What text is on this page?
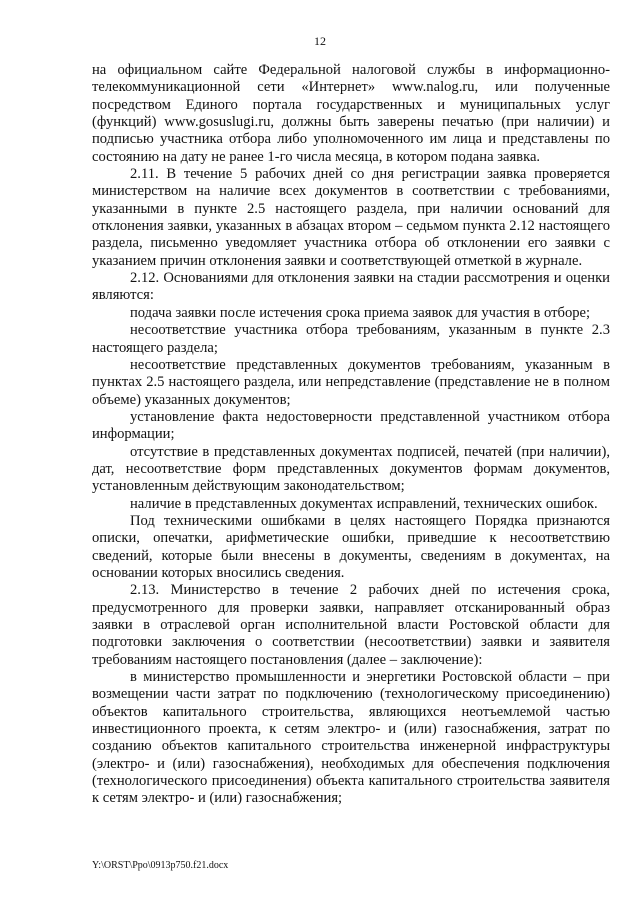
12

на официальном сайте Федеральной налоговой службы в информационно-телекоммуникационной сети «Интернет» www.nalog.ru, или полученные посредством Единого портала государственных и муниципальных услуг (функций) www.gosuslugi.ru, должны быть заверены печатью (при наличии) и подписью участника отбора либо уполномоченного им лица и представлены по состоянию на дату не ранее 1-го числа месяца, в котором подана заявка.

2.11. В течение 5 рабочих дней со дня регистрации заявка проверяется министерством на наличие всех документов в соответствии с требованиями, указанными в пункте 2.5 настоящего раздела, при наличии оснований для отклонения заявки, указанных в абзацах втором – седьмом пункта 2.12 настоящего раздела, письменно уведомляет участника отбора об отклонении его заявки с указанием причин отклонения заявки и соответствующей отметкой в журнале.

2.12. Основаниями для отклонения заявки на стадии рассмотрения и оценки являются:

подача заявки после истечения срока приема заявок для участия в отборе;

несоответствие участника отбора требованиям, указанным в пункте 2.3 настоящего раздела;

несоответствие представленных документов требованиям, указанным в пунктах 2.5 настоящего раздела, или непредставление (представление не в полном объеме) указанных документов;

установление факта недостоверности представленной участником отбора информации;

отсутствие в представленных документах подписей, печатей (при наличии), дат, несоответствие форм представленных документов формам документов, установленным действующим законодательством;

наличие в представленных документах исправлений, технических ошибок.

Под техническими ошибками в целях настоящего Порядка признаются описки, опечатки, арифметические ошибки, приведшие к несоответствию сведений, которые были внесены в документы, сведениям в документах, на основании которых вносились сведения.

2.13. Министерство в течение 2 рабочих дней по истечения срока, предусмотренного для проверки заявки, направляет отсканированный образ заявки в отраслевой орган исполнительной власти Ростовской области для подготовки заключения о соответствии (несоответствии) заявки и заявителя требованиям настоящего постановления (далее – заключение):

в министерство промышленности и энергетики Ростовской области – при возмещении части затрат по подключению (технологическому присоединению) объектов капитального строительства, являющихся неотъемлемой частью инвестиционного проекта, к сетям электро- и (или) газоснабжения, затрат по созданию объектов капитального строительства инженерной инфраструктуры (электро- и (или) газоснабжения), необходимых для обеспечения подключения (технологического присоединения) объекта капитального строительства заявителя к сетям электро- и (или) газоснабжения;

Y:\ORST\Ppo\0913p750.f21.docx
